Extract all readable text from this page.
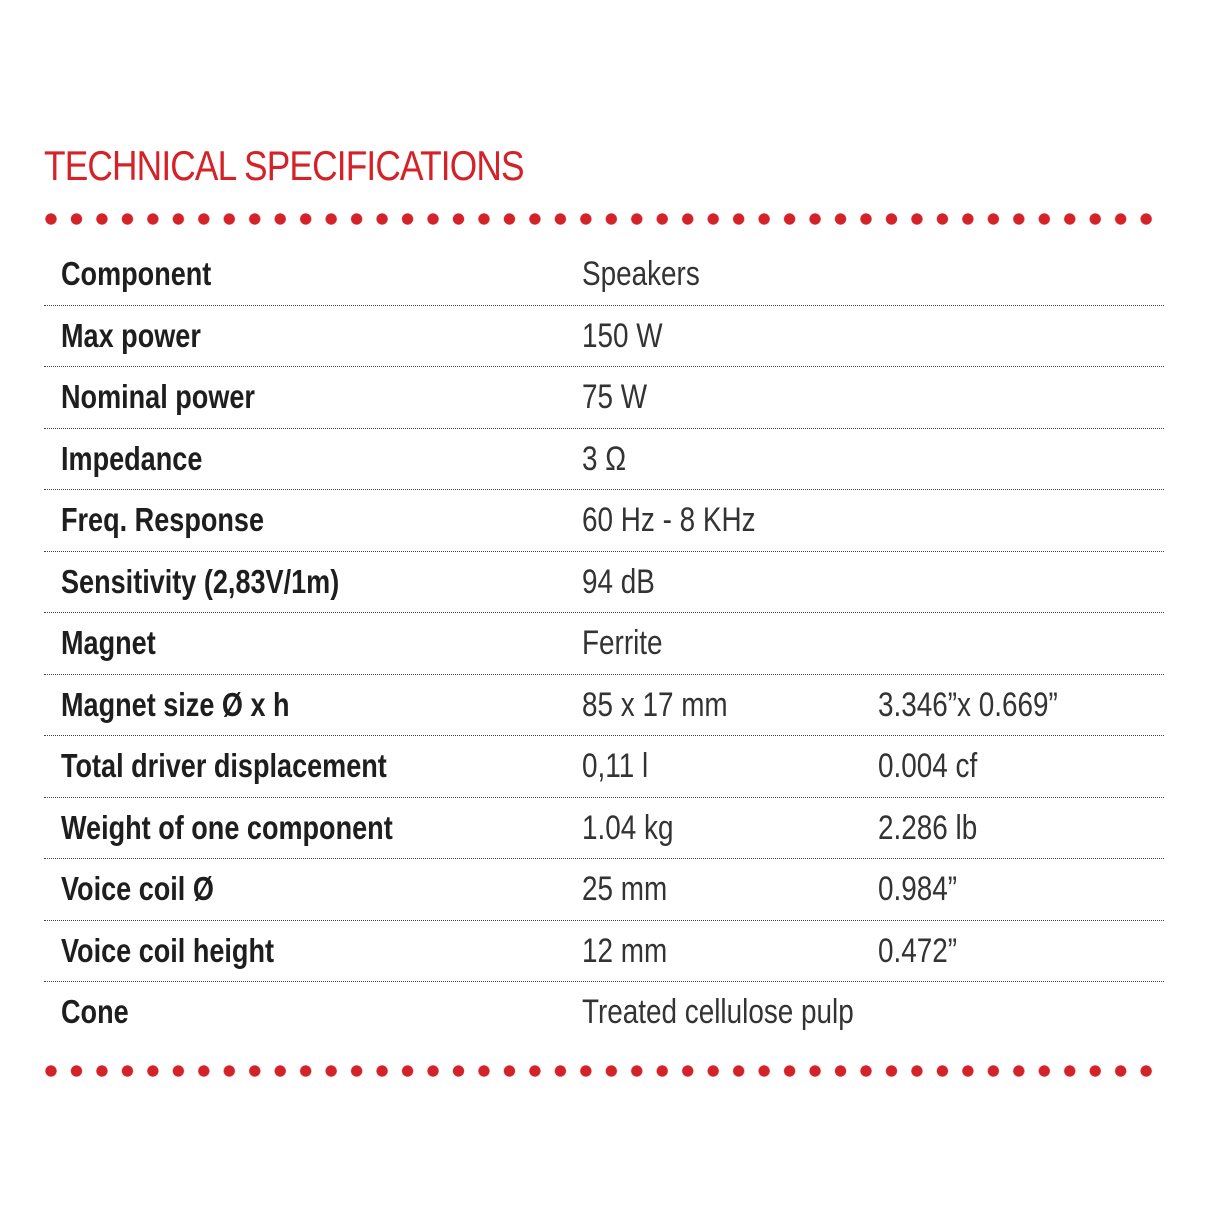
TECHNICAL SPECIFICATIONS
Component	Speakers
Max power	150 W
Nominal power	75 W
Impedance	3 Ω
Freq. Response	60 Hz - 8 KHz
Sensitivity (2,83V/1m)	94 dB
Magnet	Ferrite
Magnet size Ø x h	85 x 17 mm	3.346”x 0.669”
Total driver displacement	0,11 l	0.004 cf
Weight of one component	1.04 kg	2.286 lb
Voice coil Ø	25 mm	0.984”
Voice coil height	12 mm	0.472”
Cone	Treated cellulose pulp
